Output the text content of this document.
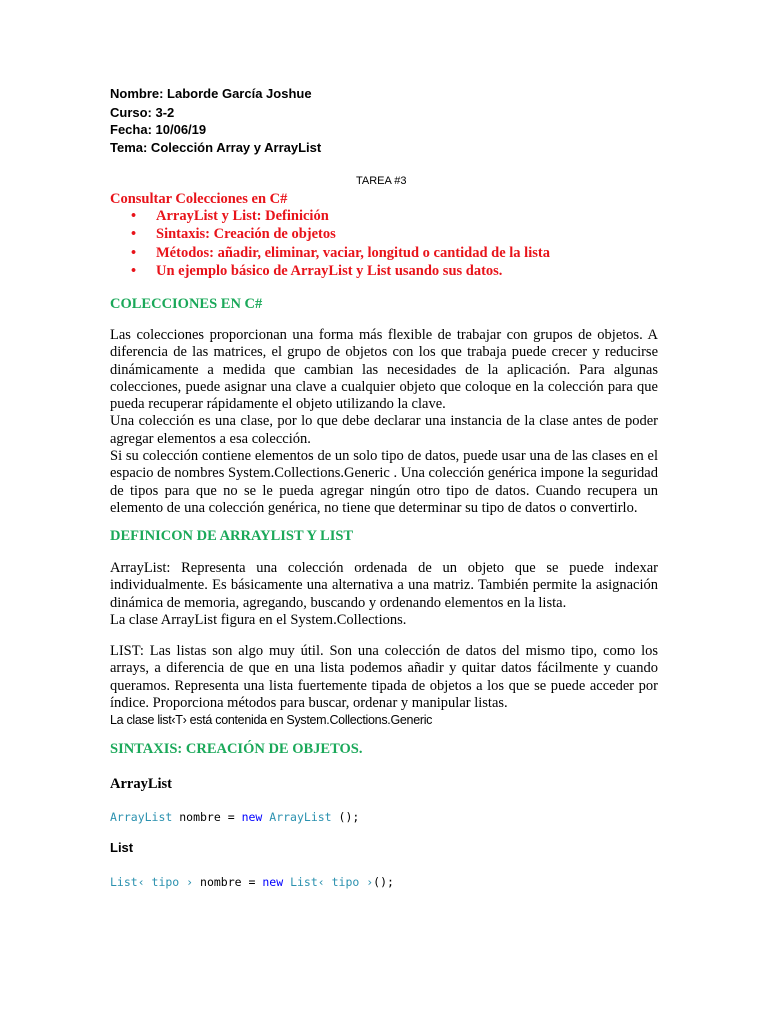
Nombre: Laborde García Joshue
Curso: 3-2
Fecha: 10/06/19
Tema: Colección Array y ArrayList
TAREA #3
Consultar Colecciones en C#
• ArrayList y List: Definición
• Sintaxis: Creación de objetos
• Métodos: añadir, eliminar, vaciar, longitud o cantidad de la lista
• Un ejemplo básico de ArrayList y List usando sus datos.
COLECCIONES EN C#

Las colecciones proporcionan una forma más flexible de trabajar con grupos de objetos. A diferencia de las matrices, el grupo de objetos con los que trabaja puede crecer y reducirse dinámicamente a medida que cambian las necesidades de la aplicación. Para algunas colecciones, puede asignar una clave a cualquier objeto que coloque en la colección para que pueda recuperar rápidamente el objeto utilizando la clave.

Una colección es una clase, por lo que debe declarar una instancia de la clase antes de poder agregar elementos a esa colección.

Si su colección contiene elementos de un solo tipo de datos, puede usar una de las clases en el espacio de nombres System.Collections.Generic . Una colección genérica impone la seguridad de tipos para que no se le pueda agregar ningún otro tipo de datos. Cuando recupera un elemento de una colección genérica, no tiene que determinar su tipo de datos o convertirlo.

DEFINICON DE ARRAYLIST Y LIST

ArrayList: Representa una colección ordenada de un objeto que se puede indexar individualmente. Es básicamente una alternativa a una matriz. También permite la asignación dinámica de memoria, agregando, buscando y ordenando elementos en la lista.

La clase ArrayList figura en el System.Collections.

LIST: Las listas son algo muy útil. Son una colección de datos del mismo tipo, como los arrays, a diferencia de que en una lista podemos añadir y quitar datos fácilmente y cuando queramos. Representa una lista fuertemente tipada de objetos a los que se puede acceder por índice. Proporciona métodos para buscar, ordenar y manipular listas.

La clase list‹T› está contenida en System.Collections.Generic

SINTAXIS: CREACIÓN DE OBJETOS.
ArrayList
ArrayList nombre = new ArrayList ();
List
List‹ tipo › nombre = new List‹ tipo ›();
